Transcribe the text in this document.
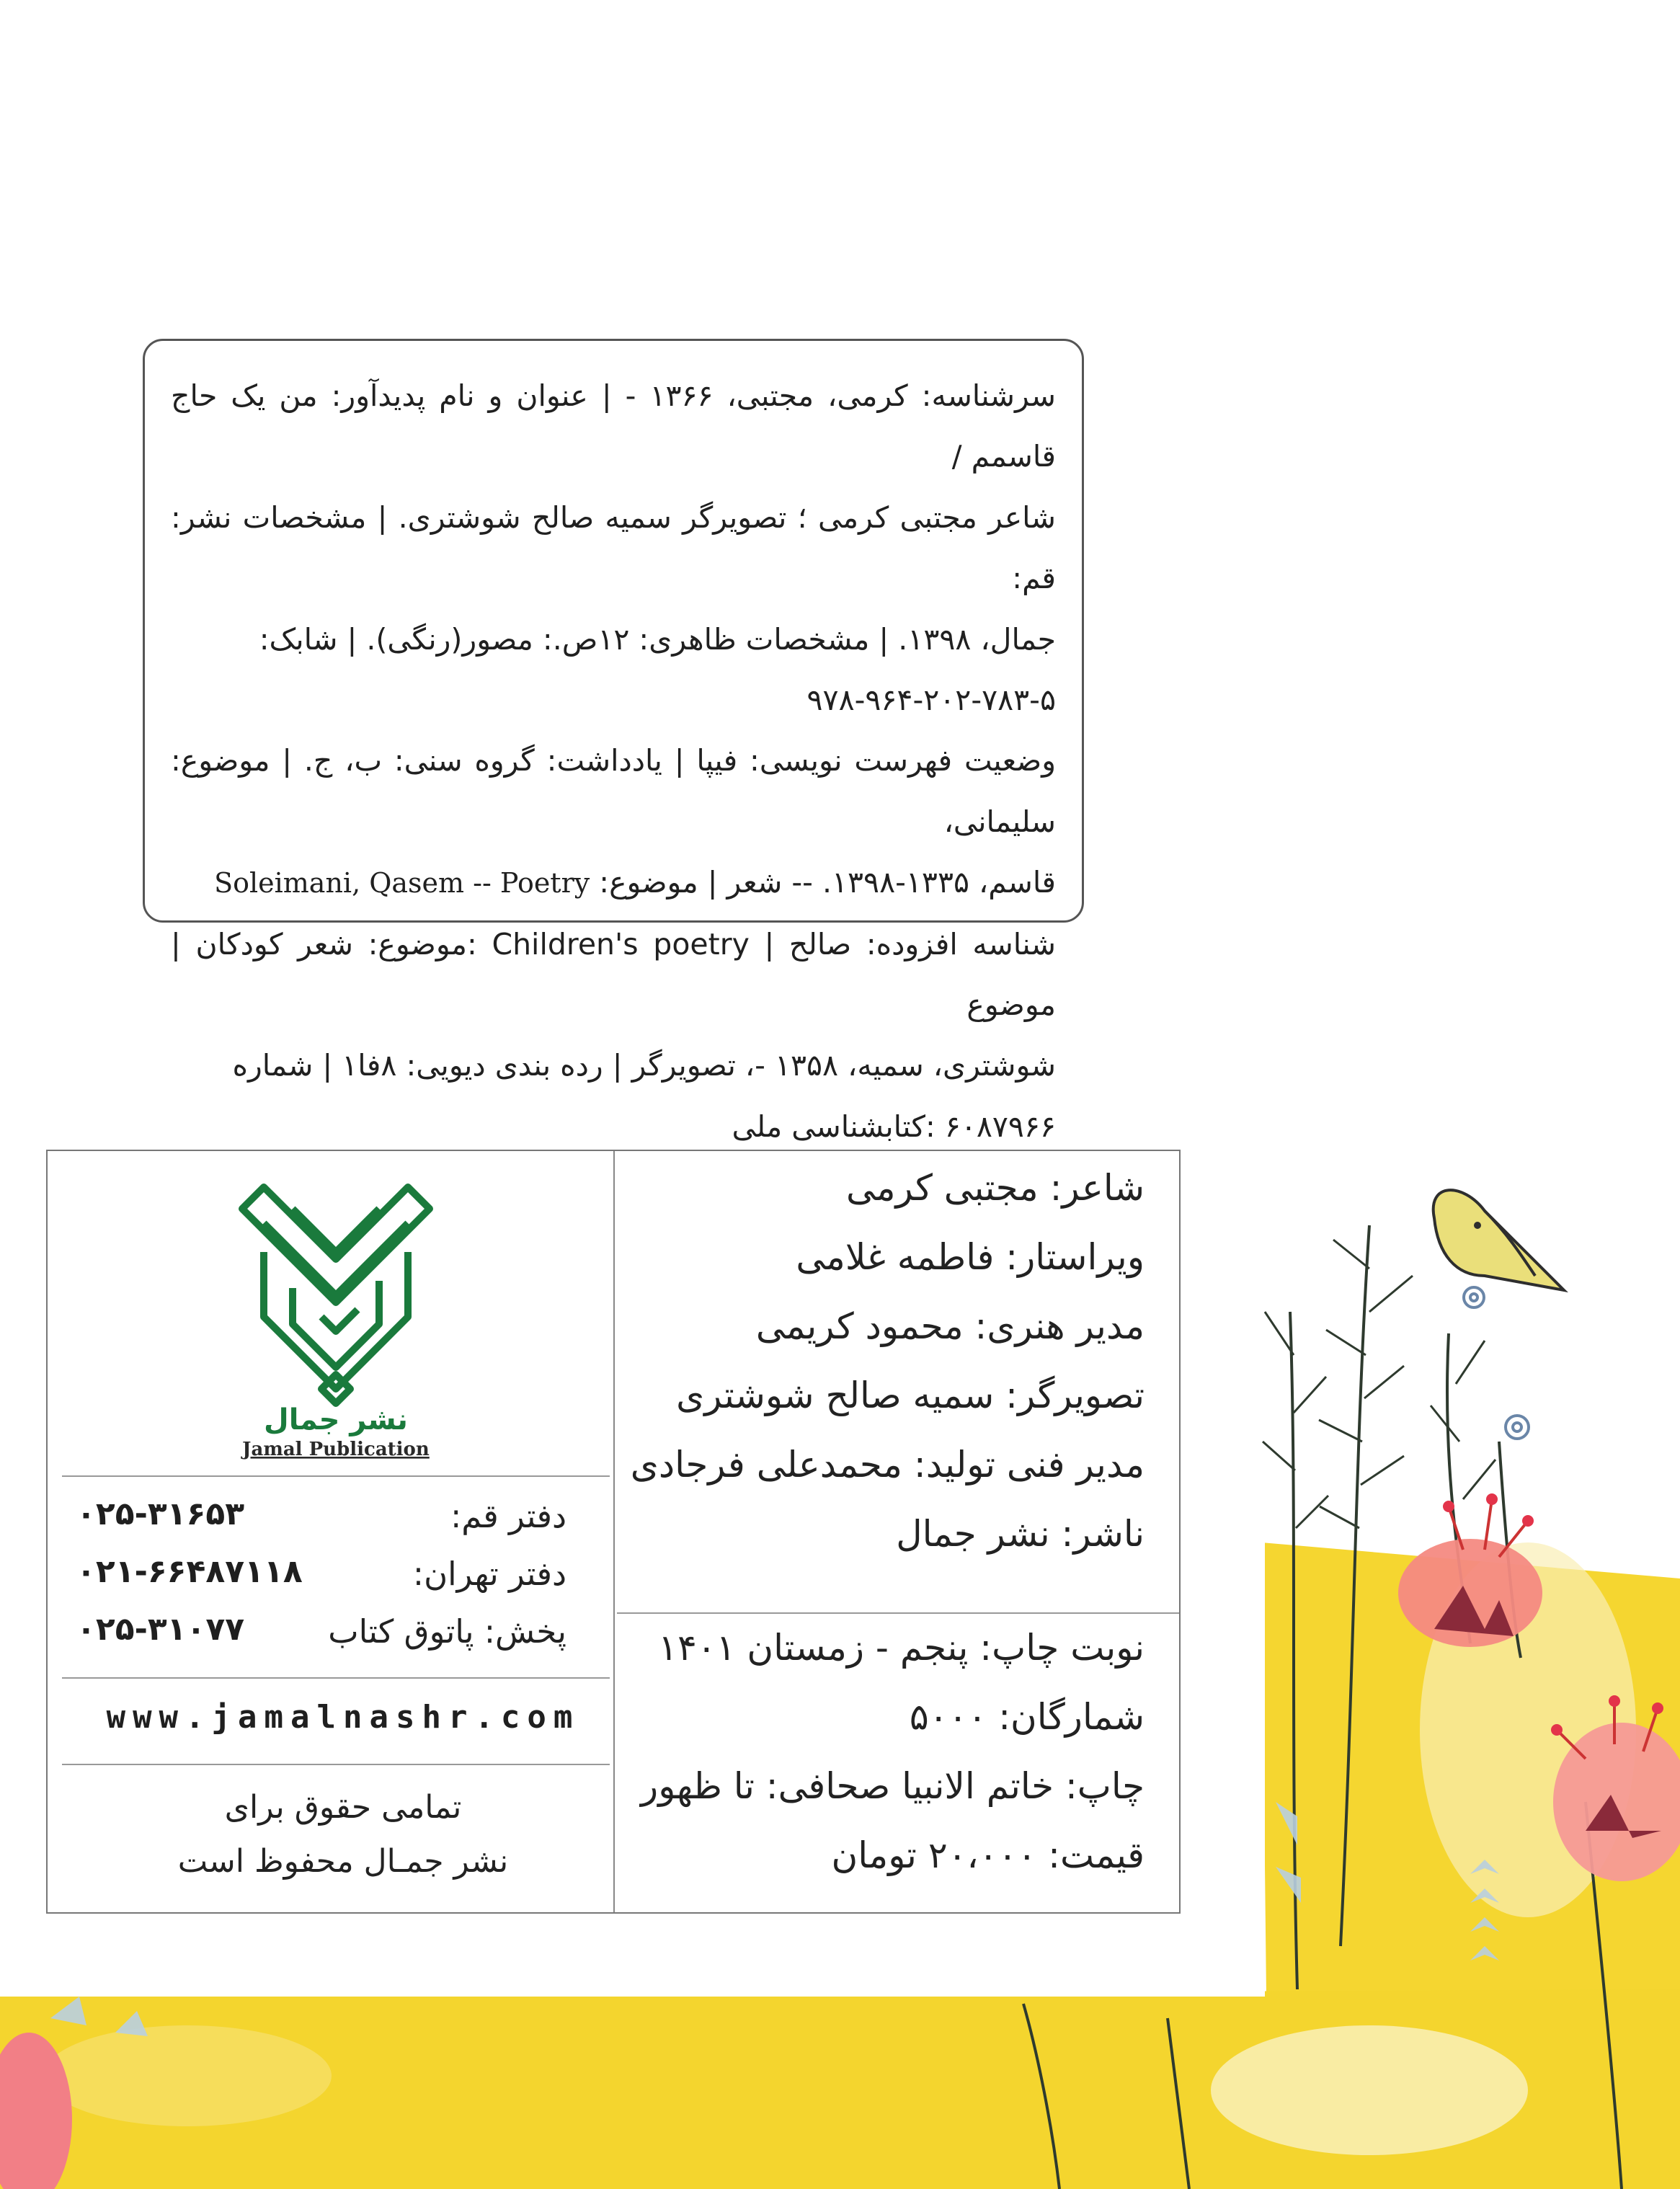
سرشناسه: کرمی، مجتبی، ۱۳۶۶ - | عنوان و نام پدیدآور: من یک حاج قاسمم /

شاعر مجتبی کرمی ؛ تصویرگر سمیه صالح شوشتری. | مشخصات نشر: قم:

جمال، ۱۳۹۸. | مشخصات ظاهری: ۱۲ص.: مصور(رنگی). | شابک:

۹۷۸-۹۶۴-۲۰۲-۷۸۳-۵

وضعیت فهرست نویسی: فیپا | یادداشت: گروه سنی: ب، ج. | موضوع: سلیمانی،

قاسم، ۱۳۳۵-۱۳۹۸. -- شعر | موضوع: Soleimani, Qasem -- Poetry

شناسه افزوده: صالح | Children's poetry :موضوع: شعر کودکان | موضوع

شوشتری، سمیه، ۱۳۵۸ -، تصویرگر | رده بندی دیویی: ۸فا۱ | شماره

۶۰۸۷۹۶۶ :کتابشناسی ملی

شاعر: مجتبی کرمی
ویراستار: فاطمه غلامی
مدیر هنری: محمود کریمی
تصویرگر: سمیه صالح شوشتری
مدیر فنی تولید: محمدعلی فرجادی
ناشر: نشر جمال
نوبت چاپ: پنجم - زمستان ۱۴۰۱
شمارگان: ۵۰۰۰
چاپ: خاتم الانبیا صحافی: تا ظهور
قیمت: ۲۰،۰۰۰ تومان
نشر جمال
Jamal Publication
دفتر قم:
۰۲۵-۳۱۶۵۳
دفتر تهران:
۰۲۱-۶۶۴۸۷۱۱۸
پخش: پاتوق کتاب
۰۲۵-۳۱۰۷۷
www.jamalnashr.com
تمامی حقوق برای
نشر جمـال محفوظ است
